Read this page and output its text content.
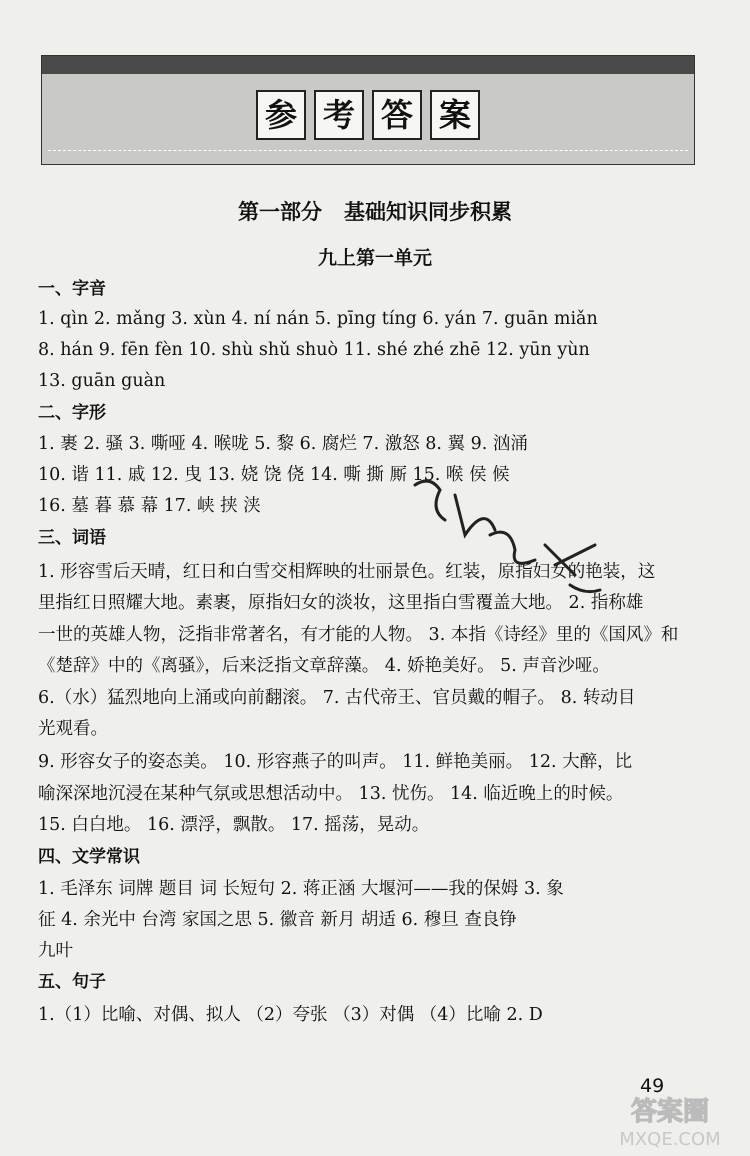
参 考 答 案
第一部分   基础知识同步积累
九上第一单元
一、字音
1. qìn 2. mǎng 3. xùn 4. ní nán 5. pīng tíng 6. yán 7. guān miǎn
8. hán 9. fēn fèn 10. shù shǔ shuò 11. shé zhé zhē 12. yūn yùn
13. guān guàn
二、字形
1. 裹 2. 骚 3. 嘶哑 4. 喉咙 5. 黎 6. 腐烂 7. 激怒 8. 翼 9. 汹涌
10. 谐 11. 戚 12. 曳 13. 娆 饶 侥 14. 嘶 撕 厮 15. 喉 侯 候
16. 墓 暮 慕 幕 17. 峡 挟 浃
三、词语
1. 形容雪后天晴，红日和白雪交相辉映的壮丽景色。红装，原指妇女的艳装，这
里指红日照耀大地。素裹，原指妇女的淡妆，这里指白雪覆盖大地。 2. 指称雄
一世的英雄人物，泛指非常著名，有才能的人物。 3. 本指《诗经》里的《国风》和
《楚辞》中的《离骚》，后来泛指文章辞藻。 4. 娇艳美好。 5. 声音沙哑。
6.（水）猛烈地向上涌或向前翻滚。 7. 古代帝王、官员戴的帽子。 8. 转动目
光观看。
9. 形容女子的姿态美。 10. 形容燕子的叫声。 11. 鲜艳美丽。 12. 大醉，比
喻深深地沉浸在某种气氛或思想活动中。 13. 忧伤。 14. 临近晚上的时候。
15. 白白地。 16. 漂浮，飘散。 17. 摇荡，晃动。
四、文学常识
1. 毛泽东 词牌 题目 词 长短句 2. 蒋正涵 大堰河——我的保姆 3. 象
征 4. 余光中 台湾 家国之思 5. 徽音 新月 胡适 6. 穆旦 查良铮
九叶
五、句子
1.（1）比喻、对偶、拟人 （2）夸张 （3）对偶 （4）比喻 2. D
49
答案圈
MXQE.COM
